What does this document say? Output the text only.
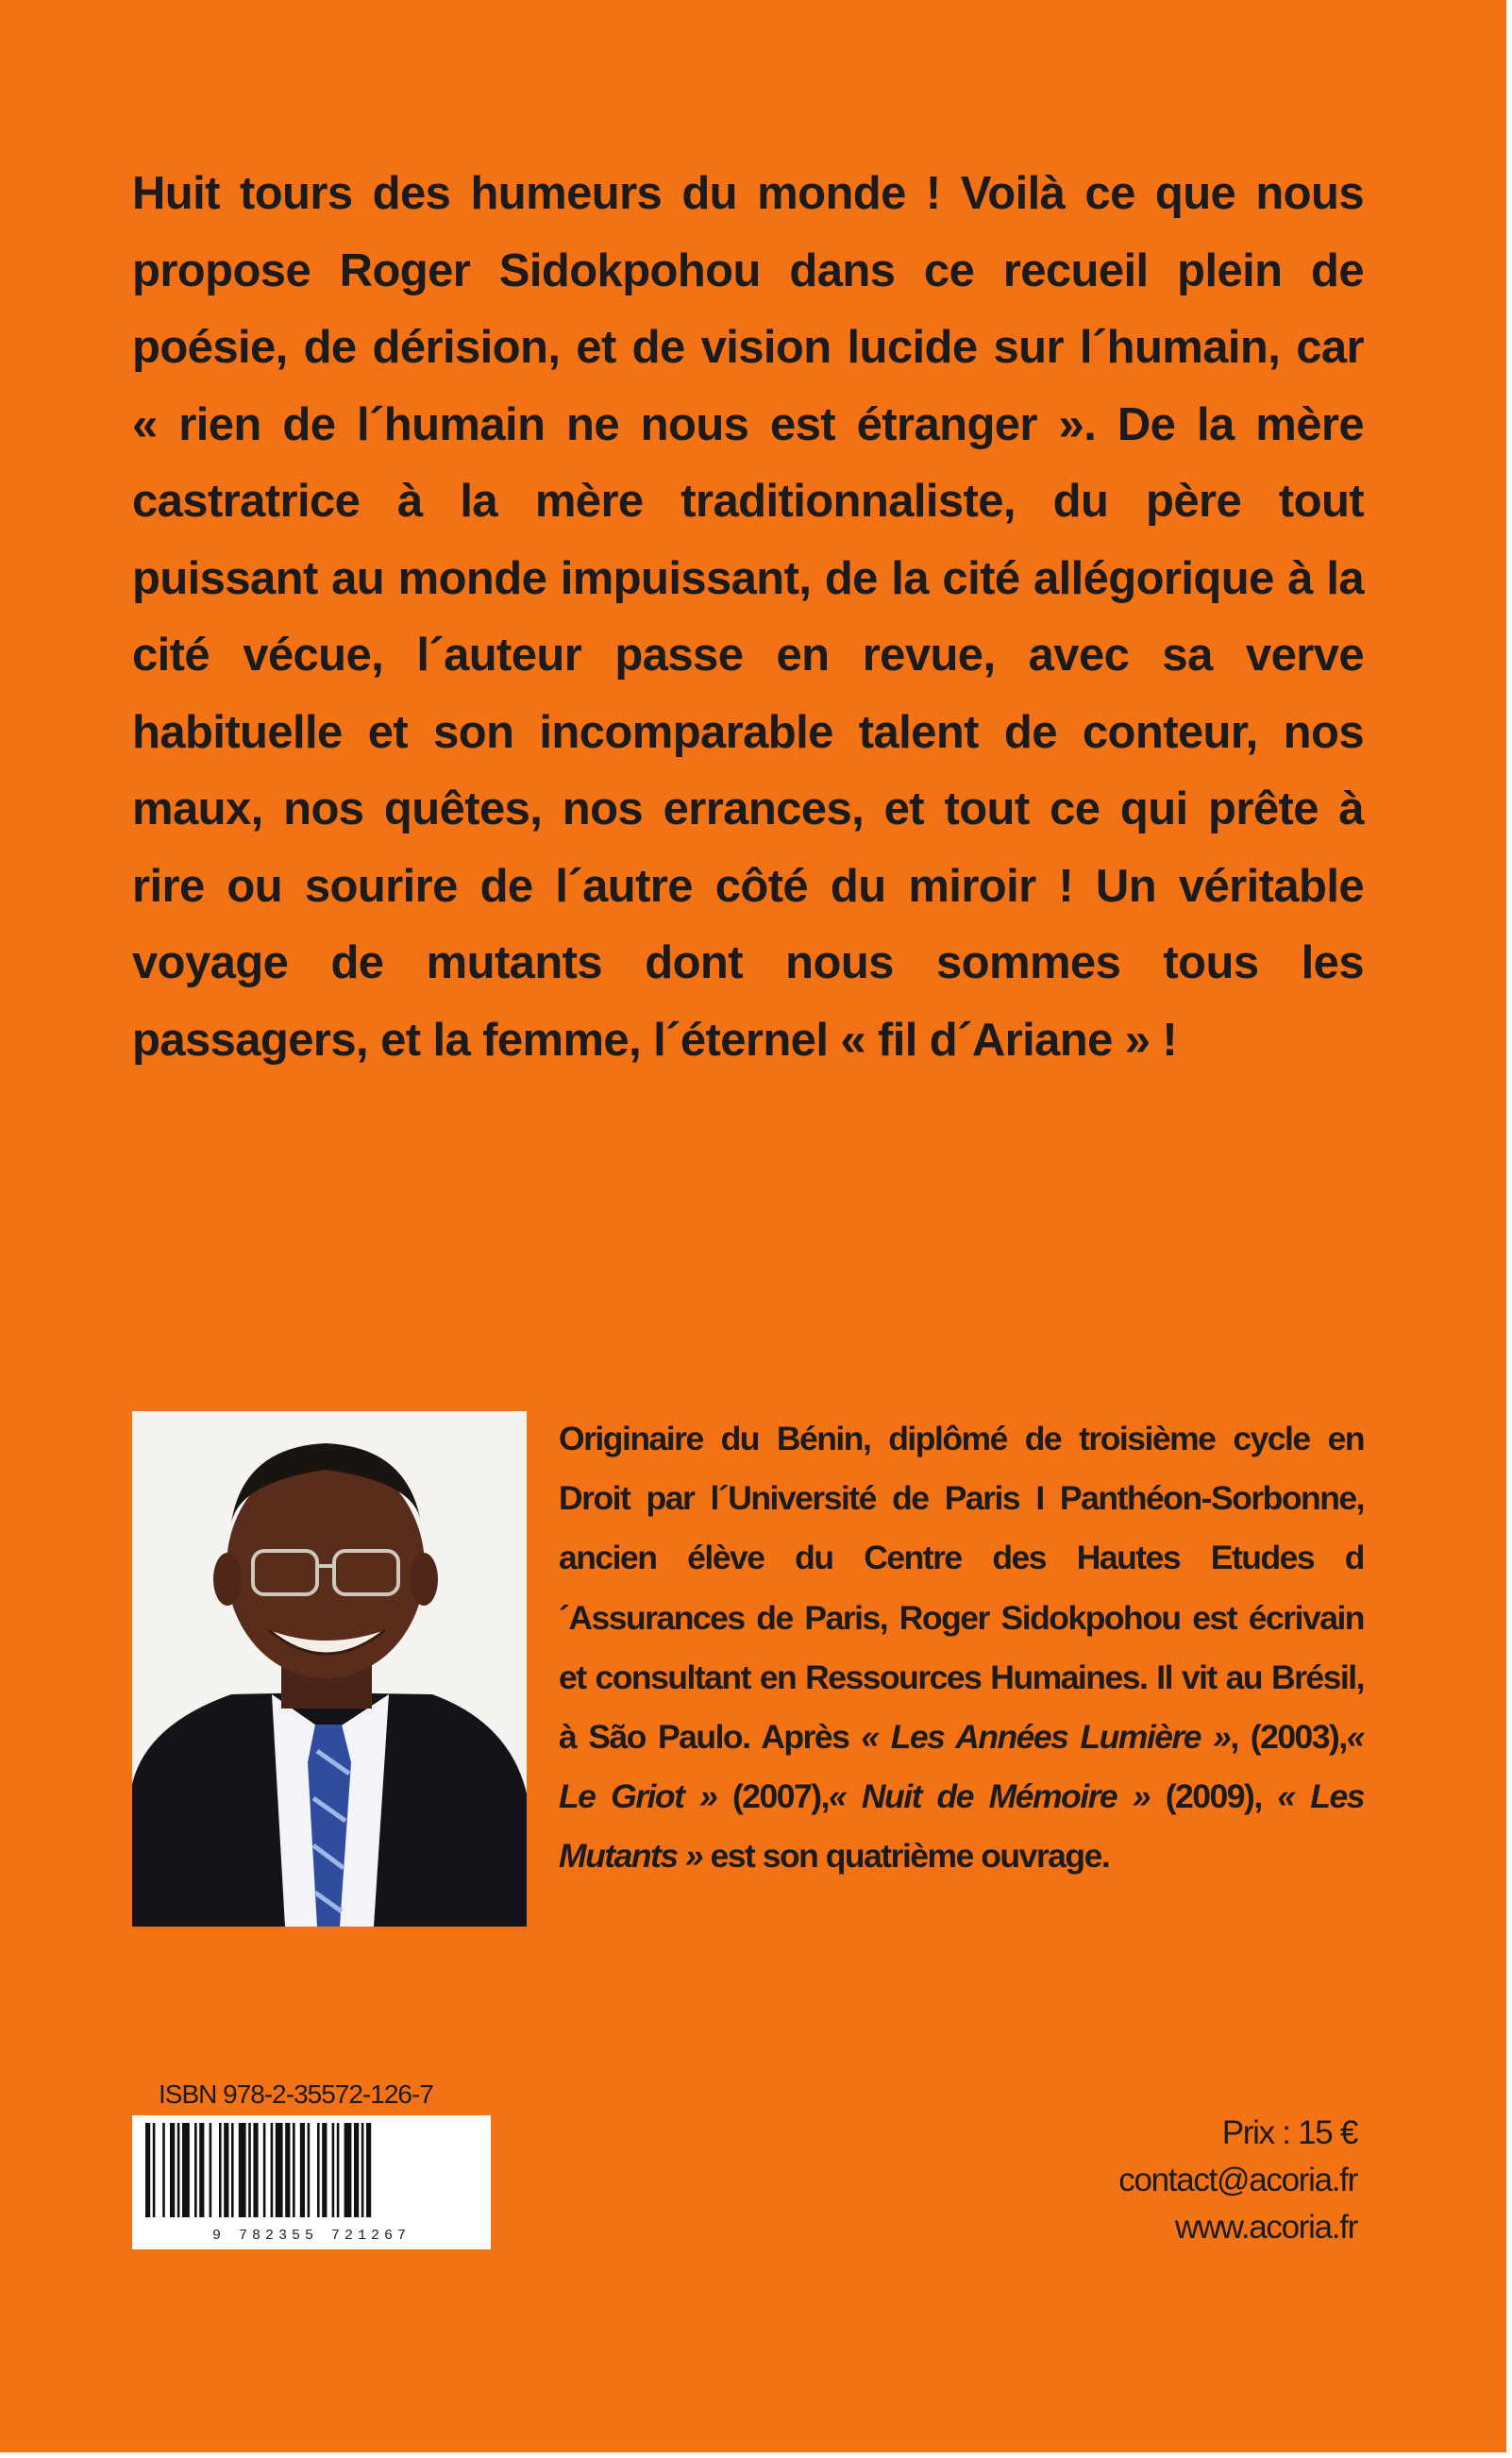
Huit tours des humeurs du monde ! Voilà ce que nous propose Roger Sidokpohou dans ce recueil plein de poésie, de dérision, et de vision lucide sur l´humain, car « rien de l´humain ne nous est étranger ». De la mère castratrice à la mère traditionnaliste, du père tout puissant au monde impuissant, de la cité allégorique à la cité vécue, l´auteur passe en revue, avec sa verve habituelle et son incomparable talent de conteur, nos maux, nos quêtes, nos errances, et tout ce qui prête à rire ou sourire de l´autre côté du miroir ! Un véritable voyage de mutants dont nous sommes tous les passagers, et la femme, l´éternel « fil d´Ariane » !

Originaire du Bénin, diplômé de troisième cycle en Droit par l´Université de Paris I Panthéon-Sorbonne, ancien élève du Centre des Hautes Etudes d´Assurances de Paris, Roger Sidokpohou est écrivain et consultant en Ressources Humaines. Il vit au Brésil, à São Paulo. Après « Les Années Lumière », (2003),« Le Griot » (2007),« Nuit de Mémoire » (2009), « Les Mutants » est son quatrième ouvrage.

ISBN 978-2-35572-126-7
9 782355 721267
Prix : 15 €
contact@acoria.fr
www.acoria.fr
